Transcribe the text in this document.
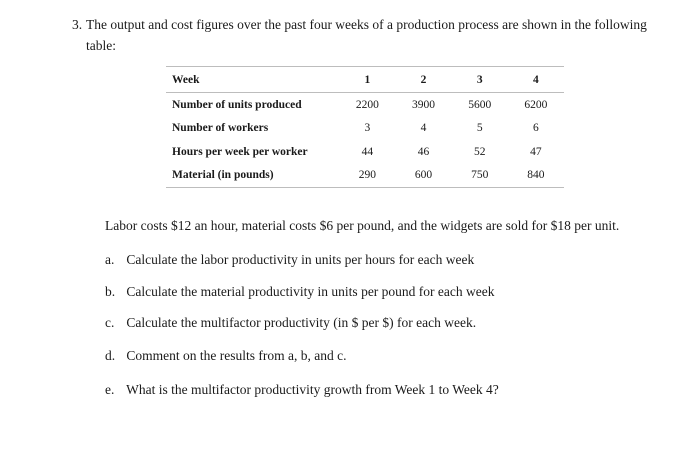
3. The output and cost figures over the past four weeks of a production process are shown in the following table:
Week	1	2	3	4
Number of units produced	2200	3900	5600	6200
Number of workers	3	4	5	6
Hours per week per worker	44	46	52	47
Material (in pounds)	290	600	750	840
Labor costs $12 an hour, material costs $6 per pound, and the widgets are sold for $18 per unit.
a. Calculate the labor productivity in units per hours for each week
b. Calculate the material productivity in units per pound for each week
c. Calculate the multifactor productivity (in $ per $) for each week.
d. Comment on the results from a, b, and c.
e. What is the multifactor productivity growth from Week 1 to Week 4?
